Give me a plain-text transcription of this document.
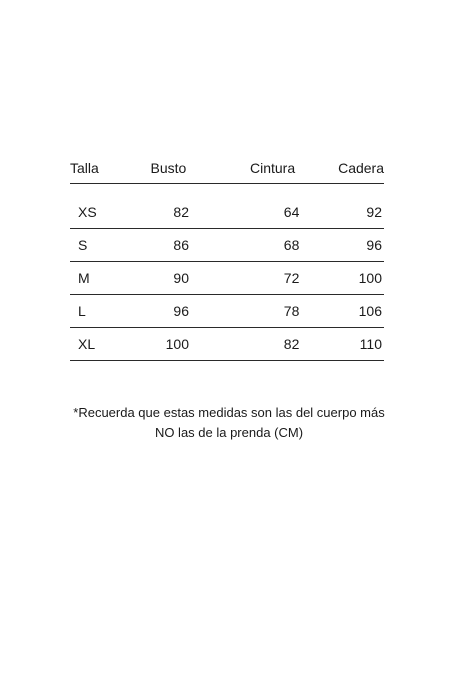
Talla	Busto	Cintura	Cadera

XS	82	64	92
S	86	68	96
M	90	72	100
L	96	78	106
XL	100	82	110
*Recuerda que estas medidas son las del cuerpo más
NO las de la prenda (CM)
